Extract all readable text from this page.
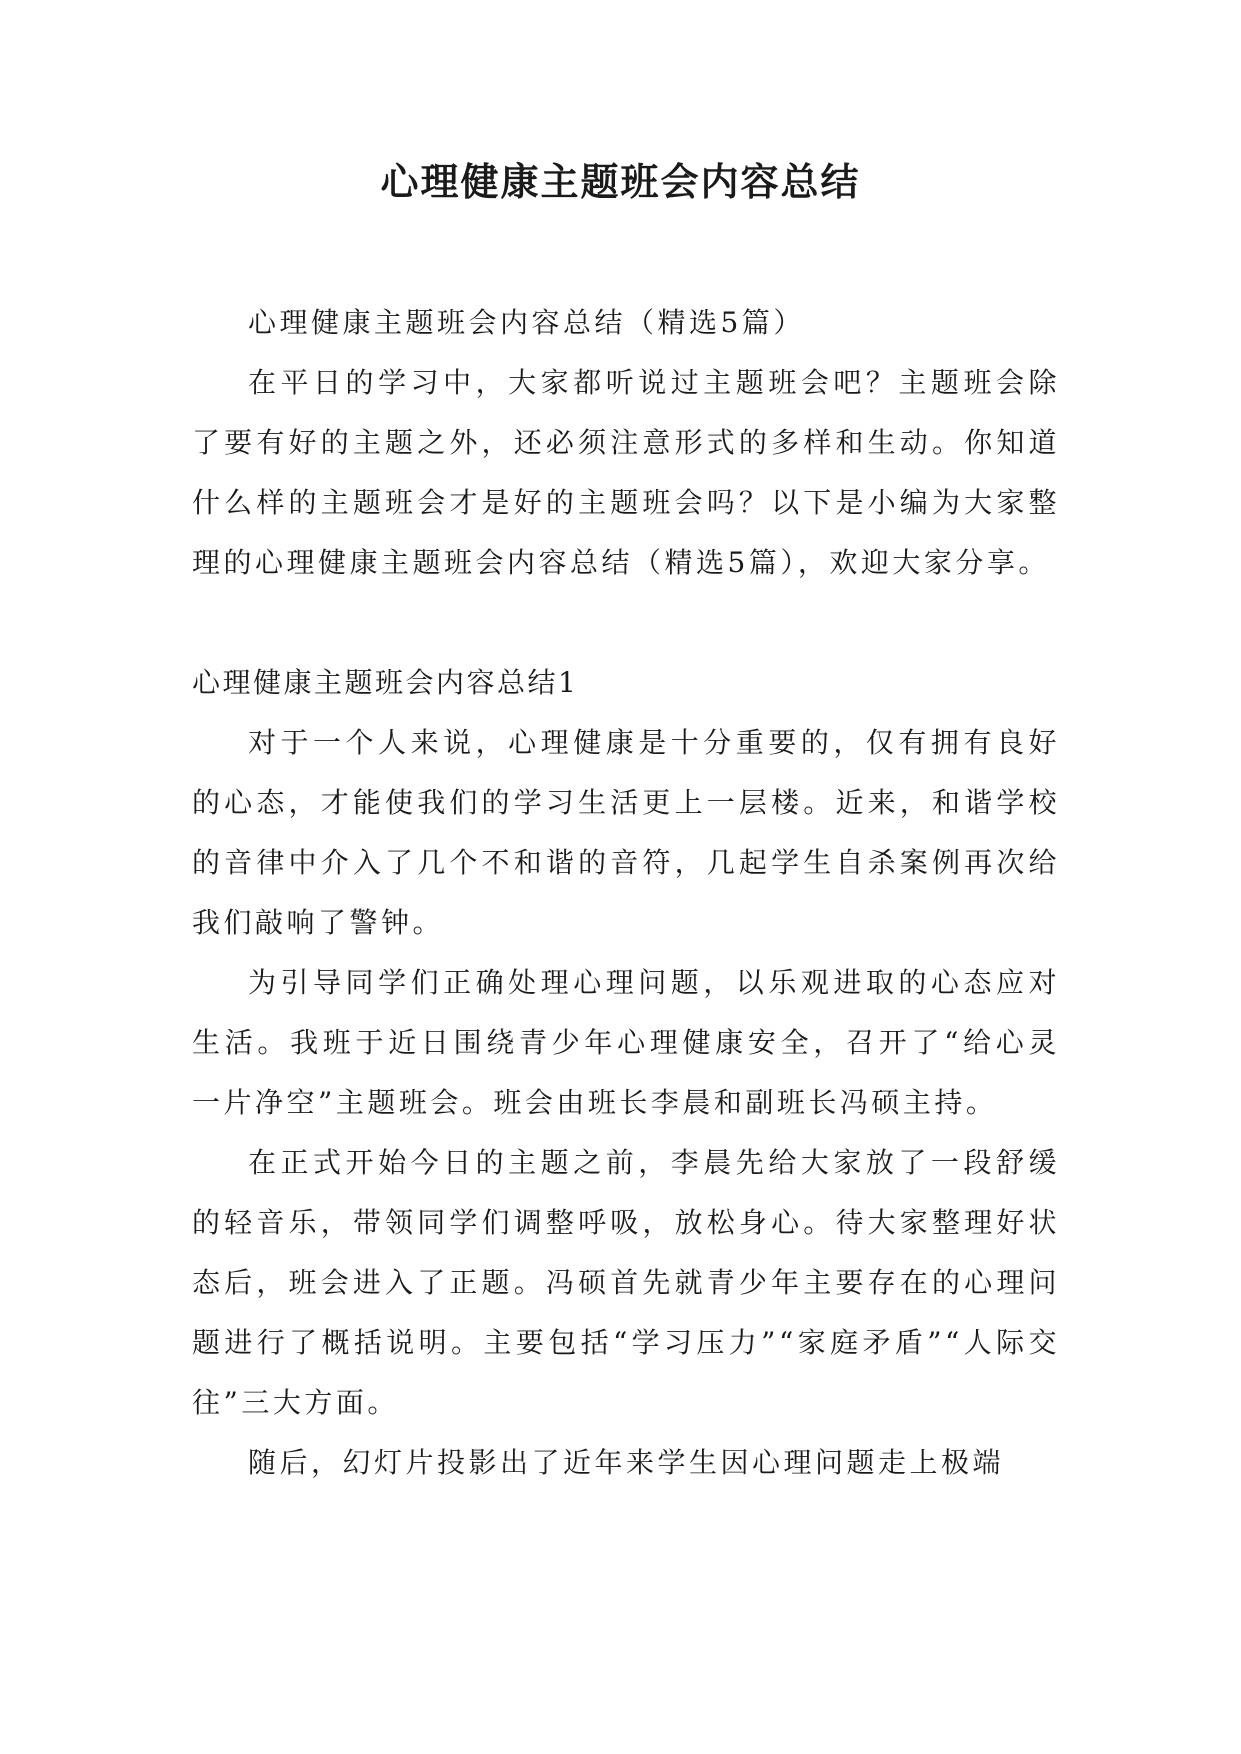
心理健康主题班会内容总结

心理健康主题班会内容总结（精选5篇）

在平日的学习中，大家都听说过主题班会吧？主题班会除了要有好的主题之外，还必须注意形式的多样和生动。你知道什么样的主题班会才是好的主题班会吗？以下是小编为大家整理的心理健康主题班会内容总结（精选5篇），欢迎大家分享。

心理健康主题班会内容总结1

对于一个人来说，心理健康是十分重要的，仅有拥有良好的心态，才能使我们的学习生活更上一层楼。近来，和谐学校的音律中介入了几个不和谐的音符，几起学生自杀案例再次给我们敲响了警钟。

为引导同学们正确处理心理问题，以乐观进取的心态应对生活。我班于近日围绕青少年心理健康安全，召开了“给心灵一片净空”主题班会。班会由班长李晨和副班长冯硕主持。

在正式开始今日的主题之前，李晨先给大家放了一段舒缓的轻音乐，带领同学们调整呼吸，放松身心。待大家整理好状态后，班会进入了正题。冯硕首先就青少年主要存在的心理问题进行了概括说明。主要包括“学习压力”“家庭矛盾”“人际交往”三大方面。

随后，幻灯片投影出了近年来学生因心理问题走上极端
